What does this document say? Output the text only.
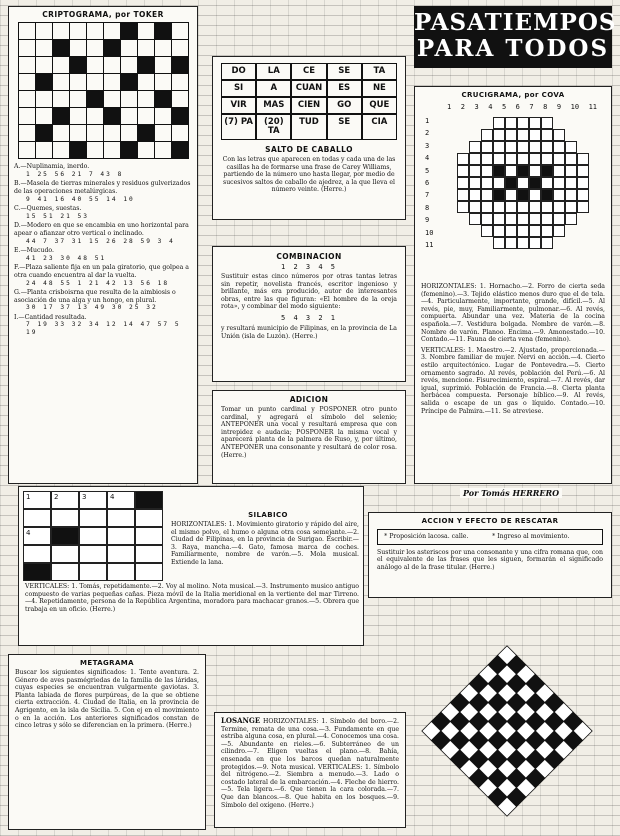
CRIPTOGRAMA, por TOKER

A.—Nuplinamia, inerdo.
1 25 56 21 7 43 8
B.—Masela de tierras minerales y residuos gulverizados de las operaciones metalúrgicas.
9 41 16 40 55 14 10
C.—Quemes, suestas.
15 51 21 53
D.—Modero en que se encambia en uno horizontal para apear o afianzar otro vertical o inclinado.
44 7 37 31 15 26 28 59 3 4
E.—Mucudo.
41 23 30 48 51
F.—Plaza saliente fija en un pala giratorio, que golpea a otra cuando encuentra al dar la vuelta.
24 48 55 1 21 42 13 56 18
G.—Planta crisboisrna que resulta de la aimbiosis o asociación de una alga y un hongo, en plural.
30 17 37 13 49 30 25 32
I.—Cantidad resultada.
7 19 33 32 34 12 14 47 57 5 19
PASATIEMPOS
PARA TODOS
DO	LA	CE	SE	TA
SI	A	CUAN	ES	NE
VIR	MAS	CIEN	GO	QUE
(7) PA	(20) TA
TUD	SE	CIA
SALTO DE CABALLO
Con las letras que aparecen en todas y cada una de las casillas ha de formarse una frase de Carey Williams, partiendo de la número uno hasta llegar, por medio de sucesivos saltos de caballo de ajedrez, a la que lleva el número veinte. (Herre.)
CRUCIGRAMA, por COVA
1 2 3 4 5 6 7 8 9 10 11
1
2
3
4
5
6
7
8
9
10
11
HORIZONTALES: 1. Hornacho.—2. Forro de cierta seda (femenino).—3. Tejido elástico menos duro que el de tela.—4. Particularmente, importante, grande, difícil.—5. Al revés, pie, muy, Familiarmente, pulmonar.—6. Al revés, compuerta. Abundar una vez. Materia de la cocina española.—7. Vestidura bolgada. Nombre de varón.—8. Nombre de varón. Planoo. Encima.—9. Amonestado.—10. Contado.—11. Fauna de cierta vena (femenino).
VERTICALES: 1. Maestro.—2. Ajustado, proporcionada.—3. Nombre familiar de mujer. Nervi en acción.—4. Cierto estilo arquitectónico. Lugar de Pontevedra.—5. Cierto ornamento sagrado. Al revés, población del Perú.—6. Al revés, mencione. Fisurecimiento, espiral.—7. Al revés, dar igual, suprimió. Población de Francia.—8. Cierta planta herbácea compuesta. Personaje bíblico.—9. Al revés, salida o escape de un gas o líquido. Contado.—10. Príncipe de Palmira.—11. Se atreviese.
COMBINACION
1 2 3 4 5
Sustituir estas cinco números por otras tantas letras sin repetir, novelista francés, escritor ingenioso y brillante, más era producido, autor de interesantes obras, entre las que figuran: «El hombre de la oreja rota», y combinar del modo siguiente:
5 4 3 2 1
y resultará municipio de Filipinas, en la provincia de La Unión (isla de Luzón). (Herre.)
ADICION
Tomar un punto cardinal y POSPONER otro punto cardinal, y agregará el símbolo del selenio; ANTEPONER una vocal y resultará empresa que con intrepidez e audacia; POSPONER la misma vocal y aparecerá planta de la palmera de Ruso, y, por último, ANTEPONER una consonante y resultará de color rosa. (Herre.)
Por Tomás HERRERO
1	2	3	4
4
5
SILABICO
HORIZONTALES: 1. Movimiento giratorio y rápido del aire, el mismo polvo, el humo o alguna otra cosa semejante.—2. Ciudad de Filipinas, en la provincia de Surigao. Escribir.—3. Raya, mancha.—4. Gato, famosa marca de coches. Familiarmente, nombre de varón.—5. Mola musical. Extiende la lana.
VERTICALES: 1. Tomás, repetidamente.—2. Voy al molino. Nota musical.—3. Instrumento musico antiguo compuesto de varias pequeñas cañas. Pieza móvil de la Italia meridional en la vertiente del mar Tirreno.—4. Repetidamente, persona de la República Argentina, moradora para machacar granos.—5. Obrera que trabaja en un oficio. (Herre.)
ACCION Y EFECTO DE RESCATAR
* Proposición lacosa. calle.	* Ingreso al movimiento.
Sustituir los asteriscos por una consonante y una cifra romana que, con el equivalente de las frases que les siguen, formarán el significado análogo al de la frase titular. (Herre.)
METAGRAMA
Buscar los siguientes significados: 1. Tente aventura. 2. Género de aves pasmégriedas de la familia de las láridas, cuyas especies se encuentran vulgarmente gaviotas. 3. Planta labiada de flores purpúreas, de la que se obtiene cierta extracción. 4. Ciudad de Italia, en la provincia de Agrigento, en la isla de Sicilia. 5. Con ej en el movimiento o en la acción. Los anteriores significados constan de cinco letras y sólo se diferencian en la primera. (Herre.)
LOSANGE HORIZONTALES: 1. Símbolo del boro.—2. Termine, remata de una cosa.—3. Fundamente en que estriba alguna cosa, en plural.—4. Conocemos una cosa.—5. Abundante en rieles.—6. Subterráneo de un cilindro.—7. Eligen vueltas el plano.—8. Bahía, ensenada en que los barcos quedan naturalmente protegidos.—9. Nota musical. VERTICALES: 1. Símbolo del nitrógeno.—2. Siembra a menudo.—3. Lado o costado lateral de la embarcación.—4. Fleche de hierro.—5. Tela ligera.—6. Que tienen la cara colorada.—7. Que dan blancos.—8. Que habita en los bosques.—9. Símbolo del oxígeno. (Herre.)
